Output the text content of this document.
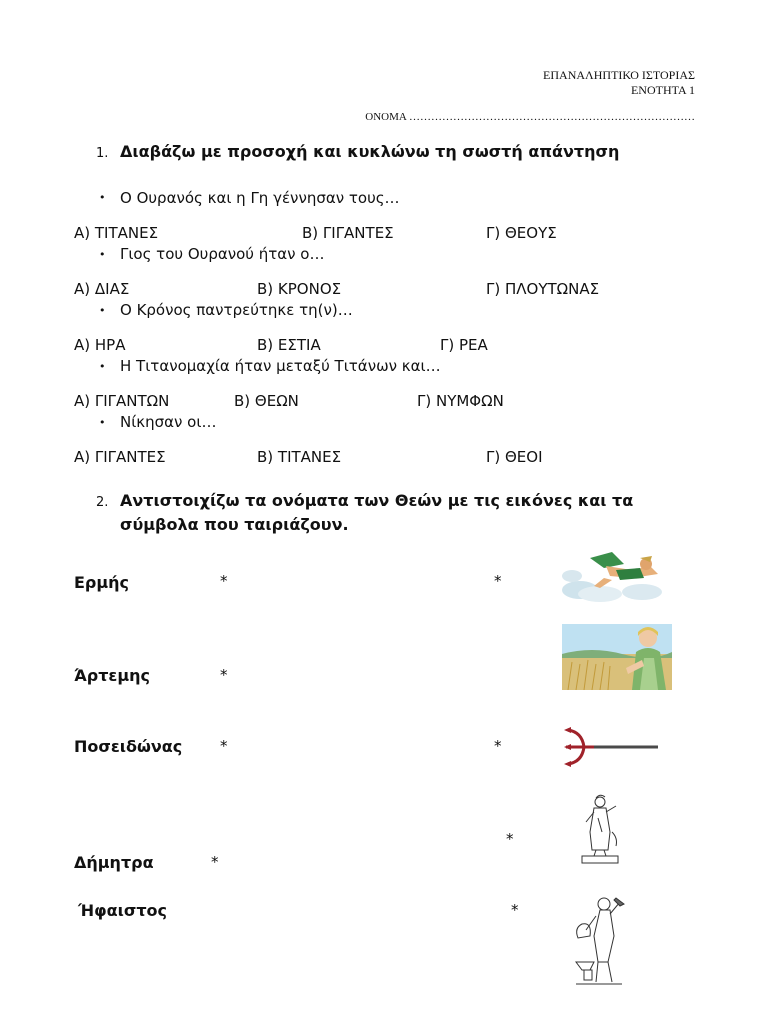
ΕΠΑΝΑΛΗΠΤΙΚΟ ΙΣΤΟΡΙΑΣ
ΕΝΟΤΗΤΑ 1
ΟΝΟΜΑ ……………………………………………………………………
1. Διαβάζω με προσοχή και κυκλώνω τη σωστή απάντηση
• Ο Ουρανός και η Γη γέννησαν τους…
Α) ΤΙΤΑΝΕΣ	Β) ΓΙΓΑΝΤΕΣ	Γ) ΘΕΟΥΣ
• Γιος του Ουρανού ήταν ο…
Α) ΔΙΑΣ	Β) ΚΡΟΝΟΣ	Γ) ΠΛΟΥΤΩΝΑΣ
• Ο Κρόνος παντρεύτηκε τη(ν)…
Α) ΗΡΑ	Β) ΕΣΤΙΑ	Γ) ΡΕΑ
• Η Τιτανομαχία ήταν μεταξύ Τιτάνων και…
Α) ΓΙΓΑΝΤΩΝ	Β) ΘΕΩΝ	Γ) ΝΥΜΦΩΝ
• Νίκησαν οι…
Α) ΓΙΓΑΝΤΕΣ	Β) ΤΙΤΑΝΕΣ	Γ) ΘΕΟΙ
2. Αντιστοιχίζω τα ονόματα των Θεών με τις εικόνες και τα
σύμβολα που ταιριάζουν.
Ερμής
Άρτεμης
Ποσειδώνας
Δήμητρα
Ήφαιστος
*
*
*
*
*
*
*
*
